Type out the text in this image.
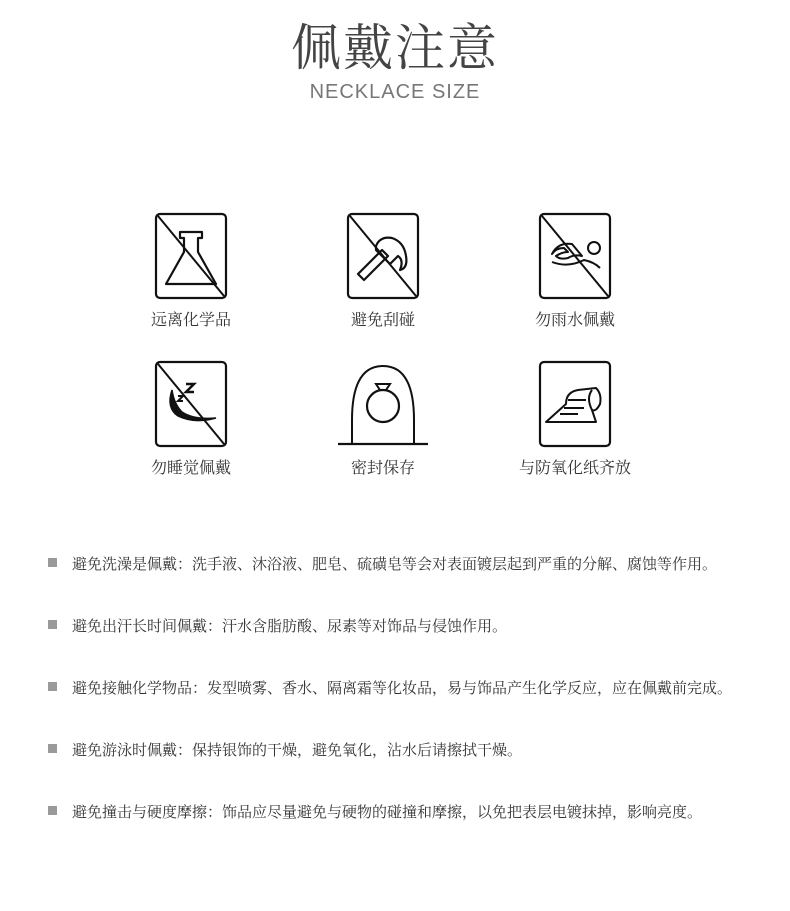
佩戴注意
NECKLACE SIZE
远离化学品	避免刮碰	勿雨水佩戴
勿睡觉佩戴	密封保存	与防氧化纸齐放
避免洗澡是佩戴：洗手液、沐浴液、肥皂、硫磺皂等会对表面镀层起到严重的分解、腐蚀等作用。
避免出汗长时间佩戴：汗水含脂肪酸、尿素等对饰品与侵蚀作用。
避免接触化学物品：发型喷雾、香水、隔离霜等化妆品，易与饰品产生化学反应，应在佩戴前完成。
避免游泳时佩戴：保持银饰的干燥，避免氧化，沾水后请擦拭干燥。
避免撞击与硬度摩擦：饰品应尽量避免与硬物的碰撞和摩擦，以免把表层电镀抹掉，影响亮度。
